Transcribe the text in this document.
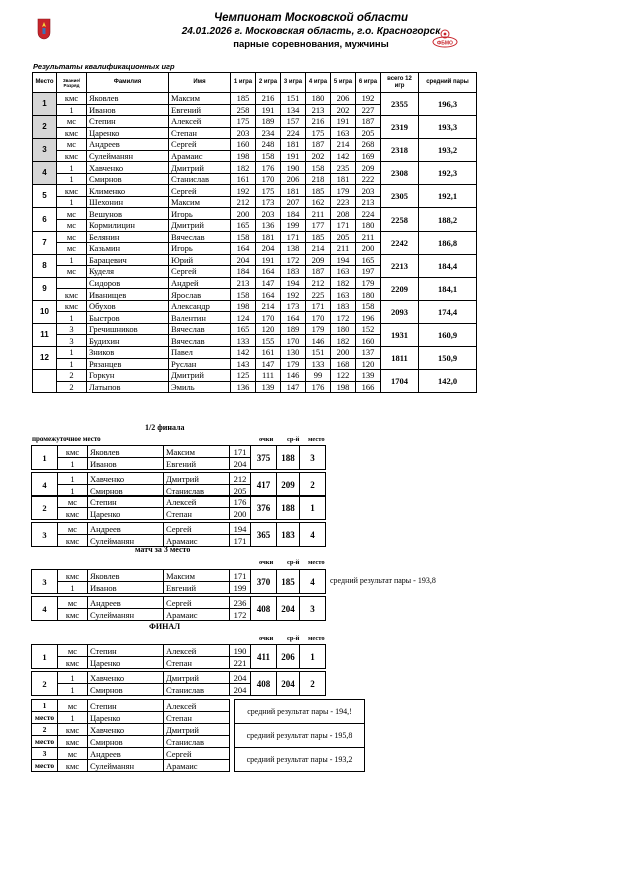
Чемпионат Московской области
24.01.2026 г. Московская область, г.о. Красногорск
парные соревнования, мужчины	ФБМО
Результаты квалификационных игр
Место	Звание/ Разряд	Фамилия	Имя	1 игра	2 игра	3 игра	4 игра	5 игра	6 игра	всего 12 игр	средний пары
1	кмс	Яковлев	Максим	185	216	151	180	206	192	2355	196,3
	1	Иванов	Евгений	258	191	134	213	202	227		
2	мс	Степин	Алексей	175	189	157	216	191	187	2319	193,3
	кмс	Царенко	Степан	203	234	224	175	163	205		
3	мс	Андреев	Сергей	160	248	181	187	214	268	2318	193,2
	кмс	Сулейманян	Арамаис	198	158	191	202	142	169		
4	1	Хавченко	Дмитрий	182	176	190	158	235	209	2308	192,3
	1	Смирнов	Станислав	161	170	206	218	181	222		
5	кмс	Клименко	Сергей	192	175	181	185	179	203	2305	192,1
	1	Шехонин	Максим	212	173	207	162	223	213		
6	мс	Вешунов	Игорь	200	203	184	211	208	224	2258	188,2
	мс	Кормилицин	Дмитрий	165	136	199	177	171	180		
7	мс	Белянин	Вячеслав	158	181	171	185	205	211	2242	186,8
	мс	Казьмин	Игорь	164	204	138	214	211	200		
8	1	Барацевич	Юрий	204	191	172	209	194	165	2213	184,4
	мс	Куделя	Сергей	184	164	183	187	163	197		
9		Сидоров	Андрей	213	147	194	212	182	179	2209	184,1
	кмс	Иванищев	Ярослав	158	164	192	225	163	180		
10	кмс	Обухов	Александр	198	214	173	171	183	158	2093	174,4
	1	Быстров	Валентин	124	170	164	170	172	196		
11	3	Гречишников	Вячеслав	165	120	189	179	180	152	1931	160,9
	3	Будихин	Вячеслав	133	155	170	146	182	160		
12	1	Зников	Павел	142	161	130	151	200	137	1811	150,9
	1	Рязанцев	Руслан	143	147	179	133	168	120		
	2	Горкун	Дмитрий	125	111	146	99	122	139	1704	142,0
	2	Латыпов	Эмиль	136	139	147	176	198	166		
1/2 финала
промежуточное место	очки ср-й место
1	кмс	Яковлев	Максим	171	375	188	3
	1	Иванов	Евгений	204			
4	1	Хавченко	Дмитрий	212	417	209	2
	1	Смирнов	Станислав	205			
2	мс	Степин	Алексей	176	376	188	1
	кмс	Царенко	Степан	200			
3	мс	Андреев	Сергей	194	365	183	4
	кмс	Сулейманян	Арамаис	171			
матч за 3 место
очки ср-й место
3	кмс	Яковлев	Максим	171	370	185	4
	1	Иванов	Евгений	199			
4	мс	Андреев	Сергей	236	408	204	3
	кмс	Сулейманян	Арамаис	172			
средний результат пары - 193,8
ФИНАЛ
очки ср-й место
1	мс	Степин	Алексей	190	411	206	1
	кмс	Царенко	Степан	221			
2	1	Хавченко	Дмитрий	204	408	204	2
	1	Смирнов	Станислав	204			
1	мс	Степин	Алексей		средний результат пары - 194,!
место	1	Царенко	Степан		
2	кмс	Хавченко	Дмитрий		средний результат пары - 195,8
место	кмс	Смирнов	Станислав		
3	мс	Андреев	Сергей		средний результат пары - 193,2
место	кмс	Сулейманян	Арамаис		
